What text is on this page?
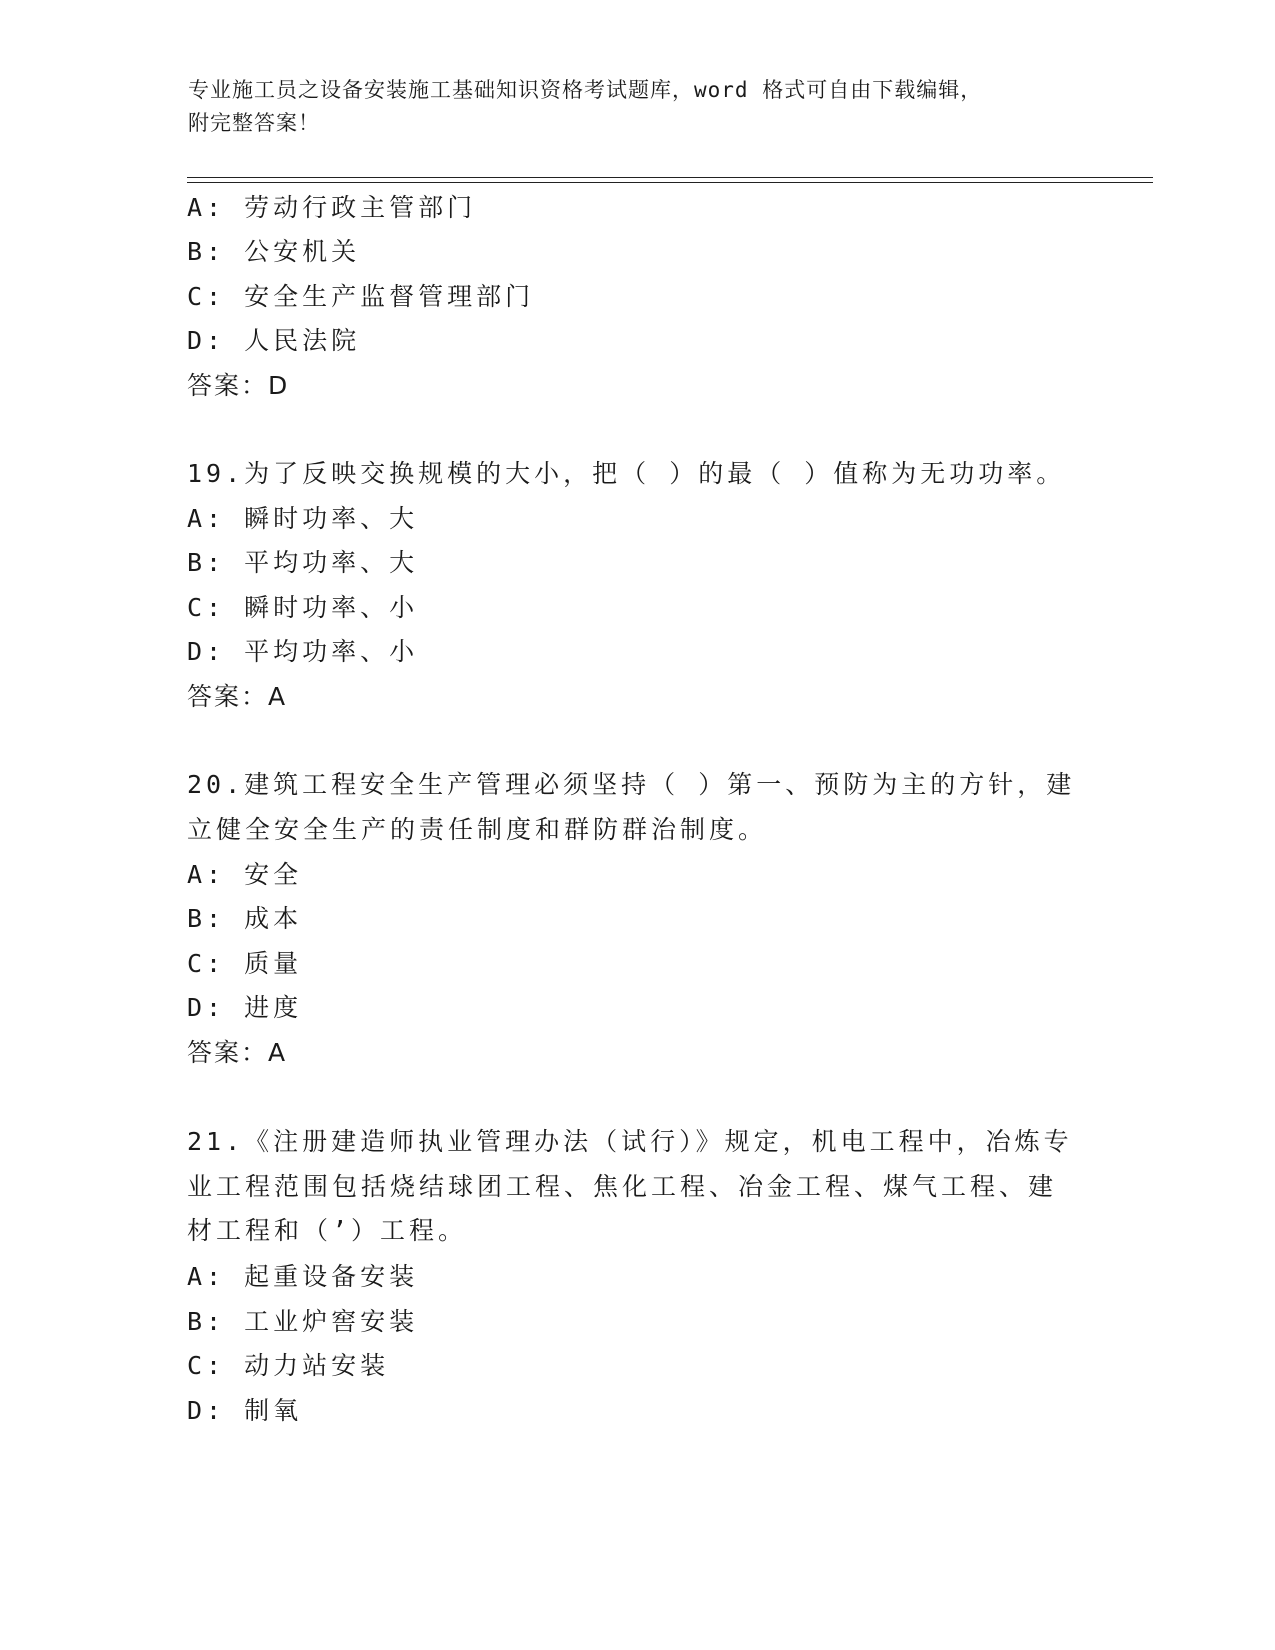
专业施工员之设备安装施工基础知识资格考试题库，word 格式可自由下载编辑，
附完整答案！
A: 劳动行政主管部门
B: 公安机关
C: 安全生产监督管理部门
D: 人民法院
答案：D
19.为了反映交换规模的大小，把（ ）的最（ ）值称为无功功率。
A: 瞬时功率、大
B: 平均功率、大
C: 瞬时功率、小
D: 平均功率、小
答案：A
20.建筑工程安全生产管理必须坚持（ ）第一、预防为主的方针，建
立健全安全生产的责任制度和群防群治制度。
A: 安全
B: 成本
C: 质量
D: 进度
答案：A
21.《注册建造师执业管理办法（试行）》规定，机电工程中，冶炼专
业工程范围包括烧结球团工程、焦化工程、冶金工程、煤气工程、建
材工程和（’）工程。
A: 起重设备安装
B: 工业炉窖安装
C: 动力站安装
D: 制氧
